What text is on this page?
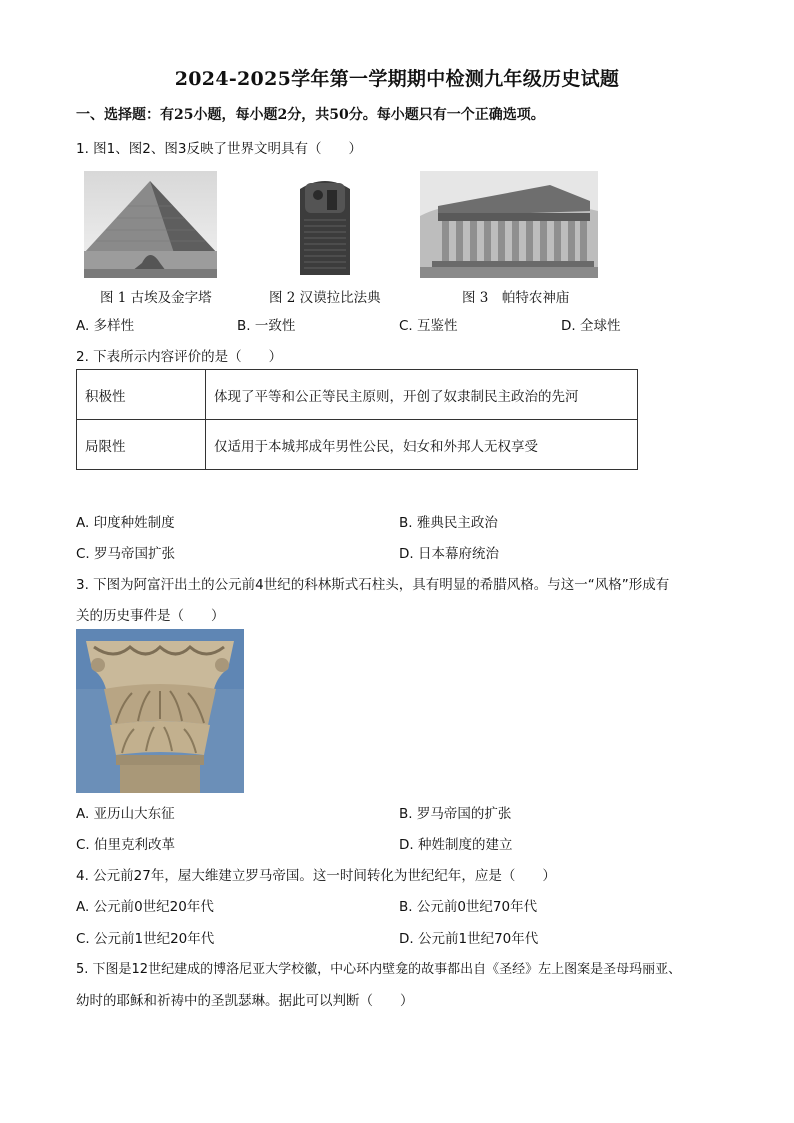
2024-2025学年第一学期期中检测九年级历史试题
一、选择题：有25小题，每小题2分，共50分。每小题只有一个正确选项。
1. 图1、图2、图3反映了世界文明具有（　　）
图 1 古埃及金字塔	图 2 汉谟拉比法典	图 3　帕特农神庙
A. 多样性	B. 一致性	C. 互鉴性	D. 全球性
2. 下表所示内容评价的是（　　）
积极性	体现了平等和公正等民主原则，开创了奴隶制民主政治的先河
局限性	仅适用于本城邦成年男性公民，妇女和外邦人无权享受
A. 印度种姓制度	B. 雅典民主政治
C. 罗马帝国扩张	D. 日本幕府统治
3. 下图为阿富汗出土的公元前4世纪的科林斯式石柱头，具有明显的希腊风格。与这一“风格”形成有
关的历史事件是（　　）
A. 亚历山大东征	B. 罗马帝国的扩张
C. 伯里克利改革	D. 种姓制度的建立
4. 公元前27年，屋大维建立罗马帝国。这一时间转化为世纪纪年，应是（　　）
A. 公元前0世纪20年代	B. 公元前0世纪70年代
C. 公元前1世纪20年代	D. 公元前1世纪70年代
5. 下图是12世纪建成的博洛尼亚大学校徽，中心环内壁龛的故事都出自《圣经》左上图案是圣母玛丽亚、
幼时的耶稣和祈祷中的圣凯瑟琳。据此可以判断（　　）
